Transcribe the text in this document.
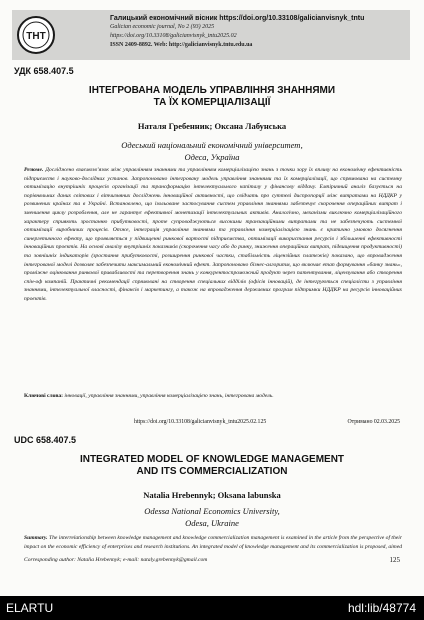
ТНТ
Галицький економічний вісник https://doi.org/10.33108/galicianvisnyk_tntu
Galician economic journal, No 2 (93) 2025
https://doi.org/10.33108/galicianvisnyk_tntu2025.02
ISSN 2409-8892. Web: http://galicianvisnyk.tntu.edu.ua
УДК 658.407.5
ІНТЕГРОВАНА МОДЕЛЬ УПРАВЛІННЯ ЗНАННЯМИ
ТА ЇХ КОМЕРЦІАЛІЗАЦІЇ
Наталя Гребенник; Оксана Лабунська
Одеський національний економічний університет,
Одеса, Україна
Резюме. Досліджено взаємозв’язок між управлінням знаннями та управлінням комерціалізацією знань з точки зору їх впливу на економічну ефективність підприємств і науково-дослідних установ. Запропоновано інтегровану модель управління знаннями та їх комерціалізації, що спрямована на системну оптимізацію внутрішніх процесів організації та трансформацію інтелектуального капіталу у фінансову віддачу. Емпіричний аналіз базується на порівняльних даних світових і вітчизняних досліджень інноваційної активності, що свідчать про суттєві диспропорції між витратами на НДДКР у розвинених країнах та в Україні. Встановлено, що ізольоване застосування систем управління знаннями забезпечує скорочення операційних витрат і зменшення циклу розроблення, але не гарантує ефективної монетизації інтелектуальних активів. Аналогічно, механізми виключно комерціалізаційного характеру сприяють зростанню прибутковості, проте супроводжуються високими транзакційними витратами та не забезпечують системної оптимізації виробничих процесів. Отже, інтеграція управління знаннями та управління комерціалізацією знань є критично умовою досягнення синергетичного ефекту, що проявляється у підвищенні ринкової вартості підприємства, оптимізації використання ресурсів і збільшенні ефективності інноваційних проєктів. На основі аналізу внутрішніх показників (скорочення часу або до ринку, зниження операційних витрат, підвищення продуктивності) та зовнішніх індикаторів (зростання прибутковості, розширення ринкової частки, стабільність ліцензійних платежів) показано, що впровадження інтегрованої моделі дозволяє забезпечити максимальний економічний ефект. Запропоновано бізнес-алгоритм, що включає етап формування «банку знань», проміжне оцінювання ринкової привабливості та перетворення знань у конкурентоспроможний продукт через патентування, ліцензування або створення спін-оф компаній. Практичні рекомендації спрямовані на створення спеціальних відділів (офісів інновацій), де інтегруються спеціалісти з управління знаннями, інтелектуальної власності, фінансів і маркетингу, а також на впровадження державних програм підтримки НДДКР на ресурсів інноваційних проєктів.
Ключові слова: інновації, управління знаннями, управління комерціалізацією знань, інтегрована модель.
https://doi.org/10.33108/galicianvisnyk_tntu2025.02.125	Отримано 02.03.2025
UDC 658.407.5
INTEGRATED MODEL OF KNOWLEDGE MANAGEMENT
AND ITS COMMERCIALIZATION
Natalia Hrebennyk; Oksana labunska
Odessa National Economics University,
Odesa, Ukraine
Summary. The interrelationship between knowledge management and knowledge commercialization management is examined in the article from the perspective of their impact on the economic efficiency of enterprises and research institutions. An integrated model of knowledge management and its commercialization is proposed, aimed
Corresponding author: Natalia Hrebennyk; e-mail: nataly.grebennyk@gmail.com	125
ELARTU	hdl:lib/48774
